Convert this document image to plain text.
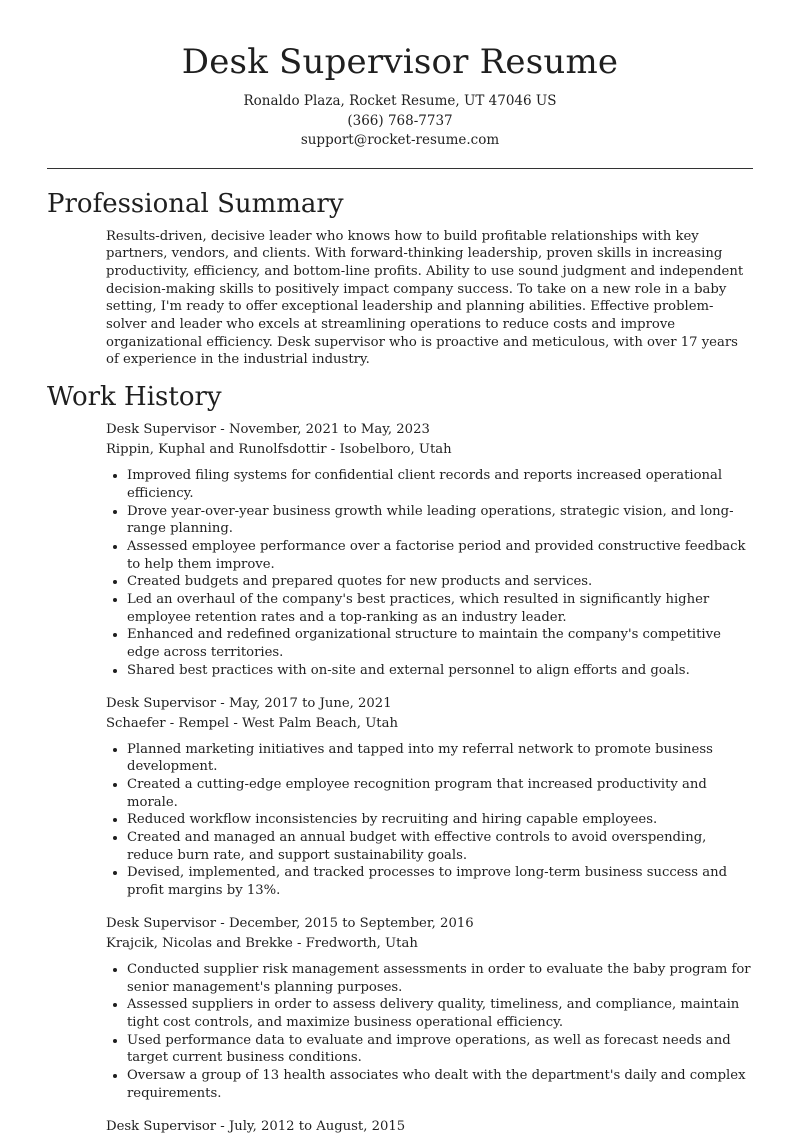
Desk Supervisor Resume
Ronaldo Plaza, Rocket Resume, UT 47046 US
(366) 768-7737
support@rocket-resume.com
Professional Summary
Results-driven, decisive leader who knows how to build profitable relationships with key partners, vendors, and clients. With forward-thinking leadership, proven skills in increasing productivity, efficiency, and bottom-line profits. Ability to use sound judgment and independent decision-making skills to positively impact company success. To take on a new role in a baby setting, I'm ready to offer exceptional leadership and planning abilities. Effective problem-solver and leader who excels at streamlining operations to reduce costs and improve organizational efficiency. Desk supervisor who is proactive and meticulous, with over 17 years of experience in the industrial industry.
Work History
Desk Supervisor - November, 2021 to May, 2023
Rippin, Kuphal and Runolfsdottir - Isobelboro, Utah
• Improved filing systems for confidential client records and reports increased operational efficiency.
• Drove year-over-year business growth while leading operations, strategic vision, and long-range planning.
• Assessed employee performance over a factorise period and provided constructive feedback to help them improve.
• Created budgets and prepared quotes for new products and services.
• Led an overhaul of the company's best practices, which resulted in significantly higher employee retention rates and a top-ranking as an industry leader.
• Enhanced and redefined organizational structure to maintain the company's competitive edge across territories.
• Shared best practices with on-site and external personnel to align efforts and goals.
Desk Supervisor - May, 2017 to June, 2021
Schaefer - Rempel - West Palm Beach, Utah
• Planned marketing initiatives and tapped into my referral network to promote business development.
• Created a cutting-edge employee recognition program that increased productivity and morale.
• Reduced workflow inconsistencies by recruiting and hiring capable employees.
• Created and managed an annual budget with effective controls to avoid overspending, reduce burn rate, and support sustainability goals.
• Devised, implemented, and tracked processes to improve long-term business success and profit margins by 13%.
Desk Supervisor - December, 2015 to September, 2016
Krajcik, Nicolas and Brekke - Fredworth, Utah
• Conducted supplier risk management assessments in order to evaluate the baby program for senior management's planning purposes.
• Assessed suppliers in order to assess delivery quality, timeliness, and compliance, maintain tight cost controls, and maximize business operational efficiency.
• Used performance data to evaluate and improve operations, as well as forecast needs and target current business conditions.
• Oversaw a group of 13 health associates who dealt with the department's daily and complex requirements.
Desk Supervisor - July, 2012 to August, 2015
